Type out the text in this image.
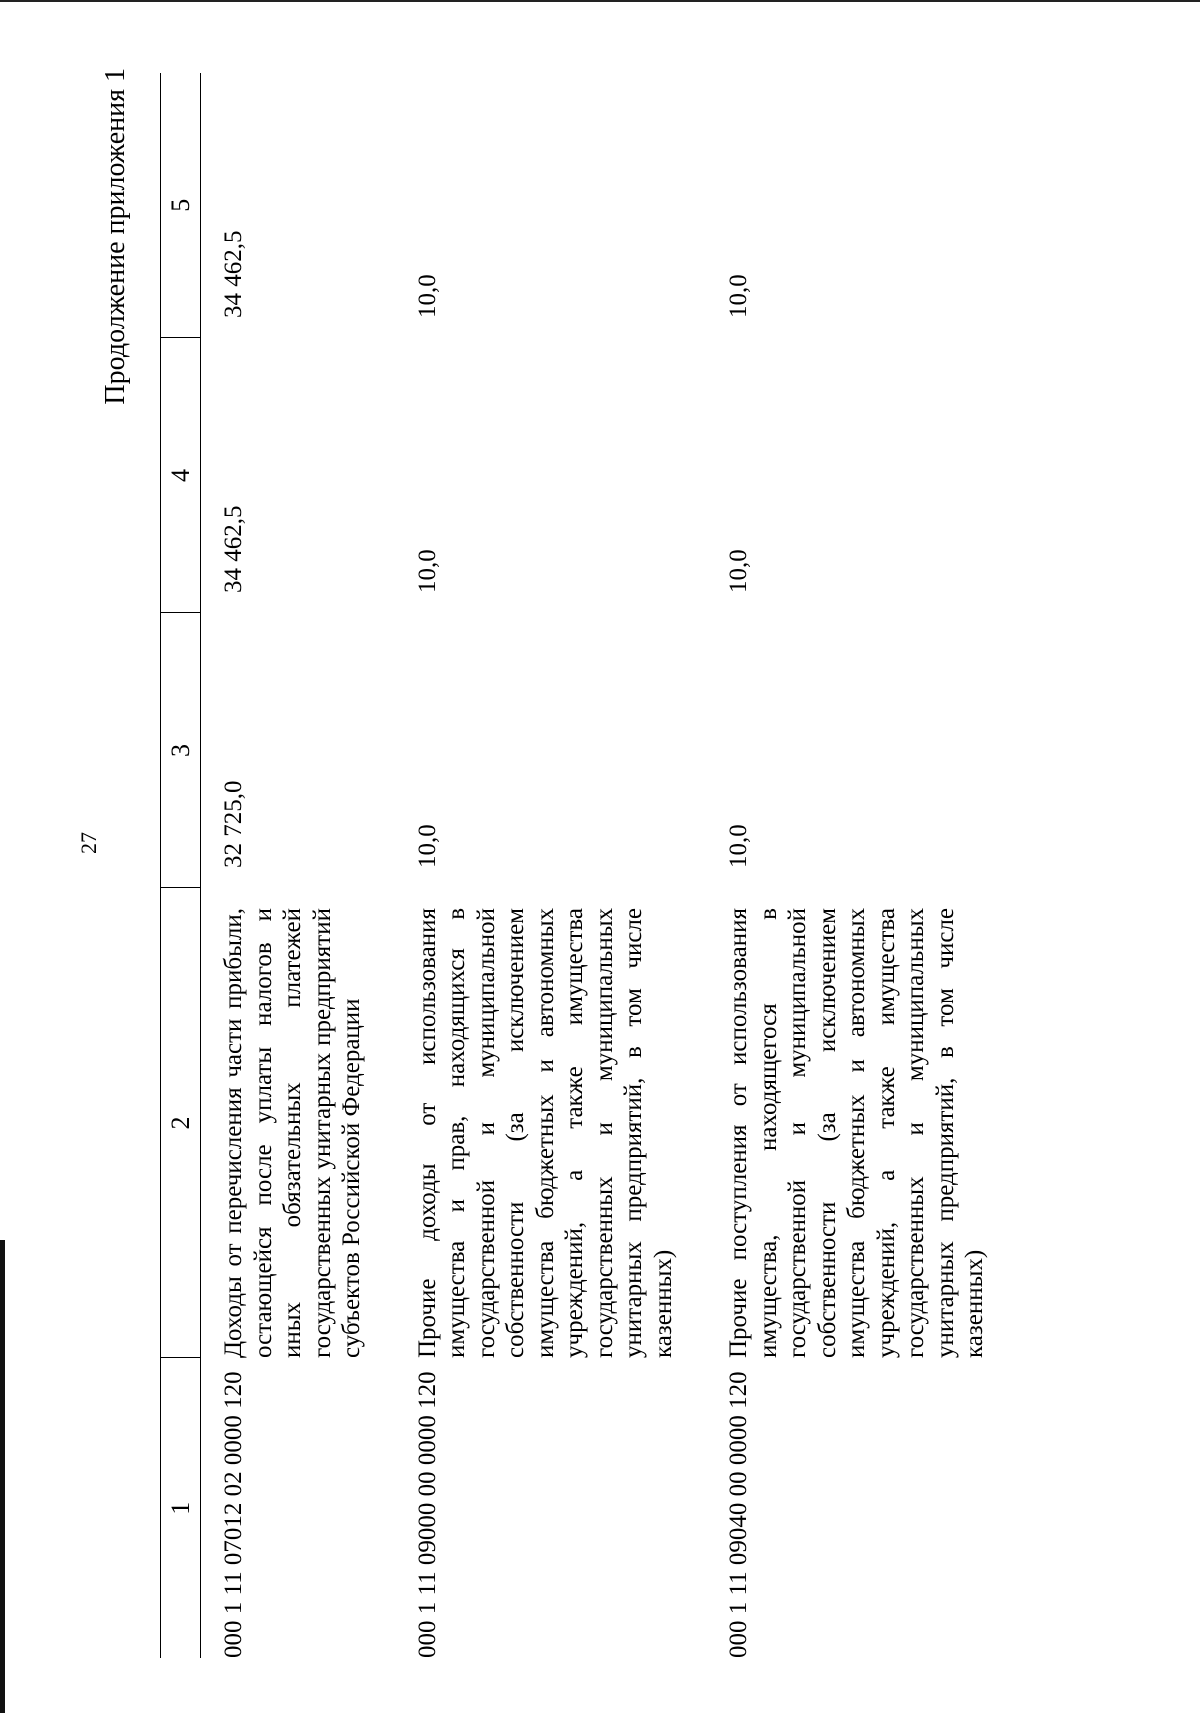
27
Продолжение приложения 1
1	2	3	4	5
000 1 11 07012 02 0000 120	Доходы от перечисления части прибыли, остающейся после уплаты налогов и иных обязательных платежей государственных унитарных предприятий субъектов Российской Федерации	32 725,0	34 462,5	34 462,5

000 1 11 09000 00 0000 120	Прочие доходы от использования имущества и прав, находящихся в государственной и муниципальной собственности (за исключением имущества бюджетных и автономных учреждений, а также имущества государственных и муниципальных унитарных предприятий, в том числе казенных)	10,0	10,0	10,0

000 1 11 09040 00 0000 120	Прочие поступления от использования имущества, находящегося в государственной и муниципальной собственности (за исключением имущества бюджетных и автономных учреждений, а также имущества государственных и муниципальных унитарных предприятий, в том числе казенных)	10,0	10,0	10,0
